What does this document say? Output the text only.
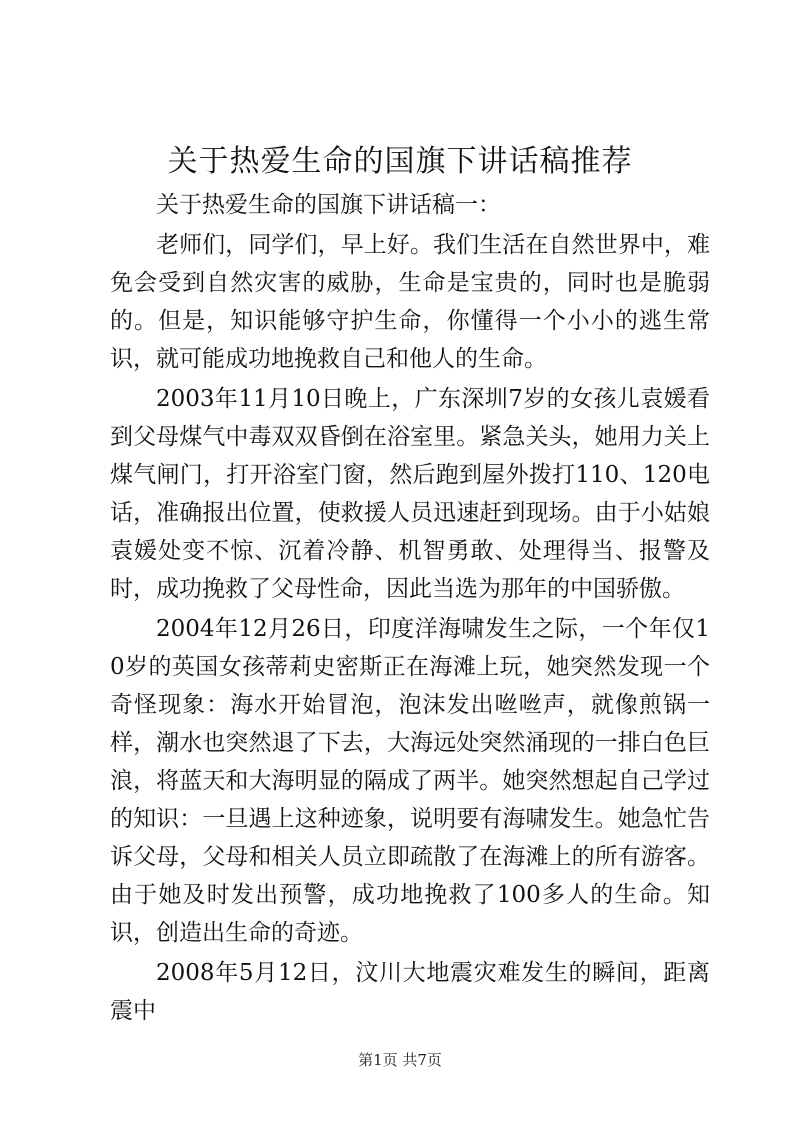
关于热爱生命的国旗下讲话稿推荐

关于热爱生命的国旗下讲话稿一：

老师们，同学们，早上好。我们生活在自然世界中，难免会受到自然灾害的威胁，生命是宝贵的，同时也是脆弱的。但是，知识能够守护生命，你懂得一个小小的逃生常识，就可能成功地挽救自己和他人的生命。

2003年11月10日晚上，广东深圳7岁的女孩儿袁媛看到父母煤气中毒双双昏倒在浴室里。紧急关头，她用力关上煤气闸门，打开浴室门窗，然后跑到屋外拨打110、120电话，准确报出位置，使救援人员迅速赶到现场。由于小姑娘袁媛处变不惊、沉着冷静、机智勇敢、处理得当、报警及时，成功挽救了父母性命，因此当选为那年的中国骄傲。

2004年12月26日，印度洋海啸发生之际，一个年仅10岁的英国女孩蒂莉史密斯正在海滩上玩，她突然发现一个奇怪现象：海水开始冒泡，泡沫发出咝咝声，就像煎锅一样，潮水也突然退了下去，大海远处突然涌现的一排白色巨浪，将蓝天和大海明显的隔成了两半。她突然想起自己学过的知识：一旦遇上这种迹象，说明要有海啸发生。她急忙告诉父母，父母和相关人员立即疏散了在海滩上的所有游客。由于她及时发出预警，成功地挽救了100多人的生命。知识，创造出生命的奇迹。

2008年5月12日，汶川大地震灾难发生的瞬间，距离震中

第1页 共7页
